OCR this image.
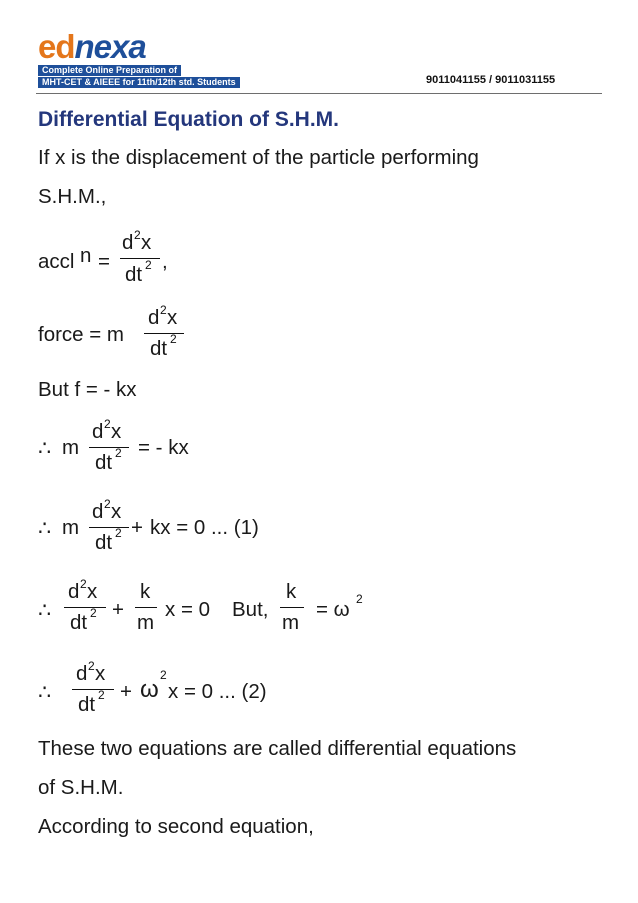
ednexa
Complete Online Preparation of
MHT-CET & AIEEE for 11th/12th std. Students	9011041155 / 9011031155
Differential Equation of S.H.M.
If x is the displacement of the particle performing
S.H.M.,
accl n =
d 2 x
dt 2 ,
force = m
d 2 x
dt 2
But f = - kx
∴ m
d 2 x
dt 2 = - kx
∴ m
d 2 x
dt 2 + kx = 0 ... (1)
∴
d 2 x
dt 2 +
k
m
x = 0 But,
k
m
= ω 2
∴
d 2 x
dt 2 + ω
2
x = 0 ... (2)
These two equations are called differential equations
of S.H.M.
According to second equation,
